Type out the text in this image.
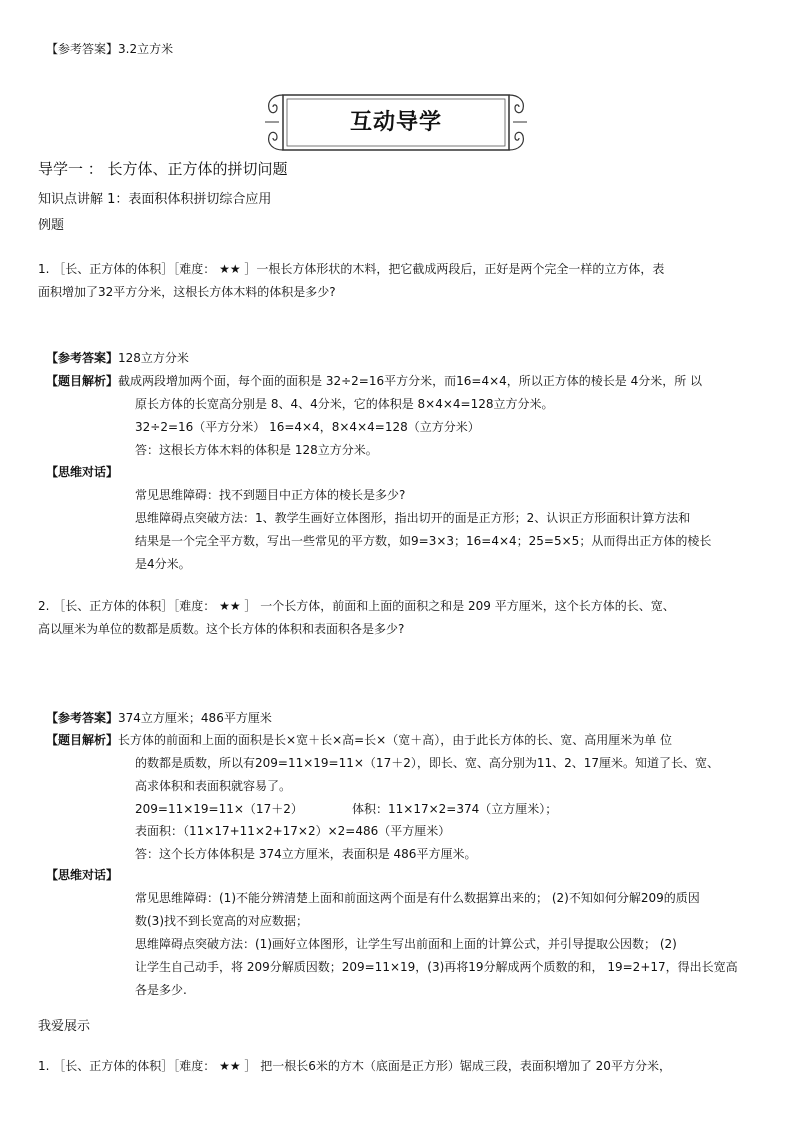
【参考答案】3.2立方米
互动导学
导学一 ： 长方体、正方体的拼切问题
知识点讲解 1：表面积体积拼切综合应用
例题
1. ［长、正方体的体积］［难度： ★★ ］一根长方体形状的木料，把它截成两段后，正好是两个完全一样的立方体，表
面积增加了32平方分米，这根长方体木料的体积是多少?
【参考答案】128立方分米
【题目解析】截成两段增加两个面，每个面的面积是 32÷2=16平方分米，而16=4×4，所以正方体的棱长是 4分米，所 以
原长方体的长宽高分别是 8、4、4分米，它的体积是 8×4×4=128立方分米。
32÷2=16（平方分米） 16=4×4，8×4×4=128（立方分米）
答：这根长方体木料的体积是 128立方分米。
【思维对话】
常见思维障碍：找不到题目中正方体的棱长是多少?
思维障碍点突破方法：1、教学生画好立体图形，指出切开的面是正方形；2、认识正方形面积计算方法和
结果是一个完全平方数，写出一些常见的平方数，如9=3×3；16=4×4；25=5×5；从而得出正方体的棱长
是4分米。
2. ［长、正方体的体积］［难度： ★★ ］ 一个长方体，前面和上面的面积之和是 209 平方厘米，这个长方体的长、宽、
高以厘米为单位的数都是质数。这个长方体的体积和表面积各是多少?
【参考答案】374立方厘米；486平方厘米
【题目解析】长方体的前面和上面的面积是长×宽＋长×高=长×（宽＋高），由于此长方体的长、宽、高用厘米为单 位
的数都是质数，所以有209=11×19=11×（17＋2），即长、宽、高分别为11、2、17厘米。知道了长、宽、
高求体积和表面积就容易了。
209=11×19=11×（17＋2）	体积：11×17×2=374（立方厘米）；
表面积：（11×17+11×2+17×2）×2=486（平方厘米）
答：这个长方体体积是 374立方厘米，表面积是 486平方厘米。
【思维对话】
常见思维障碍：(1)不能分辨清楚上面和前面这两个面是有什么数据算出来的； (2)不知如何分解209的质因
数(3)找不到长宽高的对应数据；
思维障碍点突破方法：(1)画好立体图形，让学生写出前面和上面的计算公式，并引导提取公因数； (2)
让学生自己动手，将 209分解质因数；209=11×19，(3)再将19分解成两个质数的和， 19=2+17，得出长宽高
各是多少.
我爱展示
1. ［长、正方体的体积］［难度： ★★ ］ 把一根长6米的方木（底面是正方形）锯成三段，表面积增加了 20平方分米，
